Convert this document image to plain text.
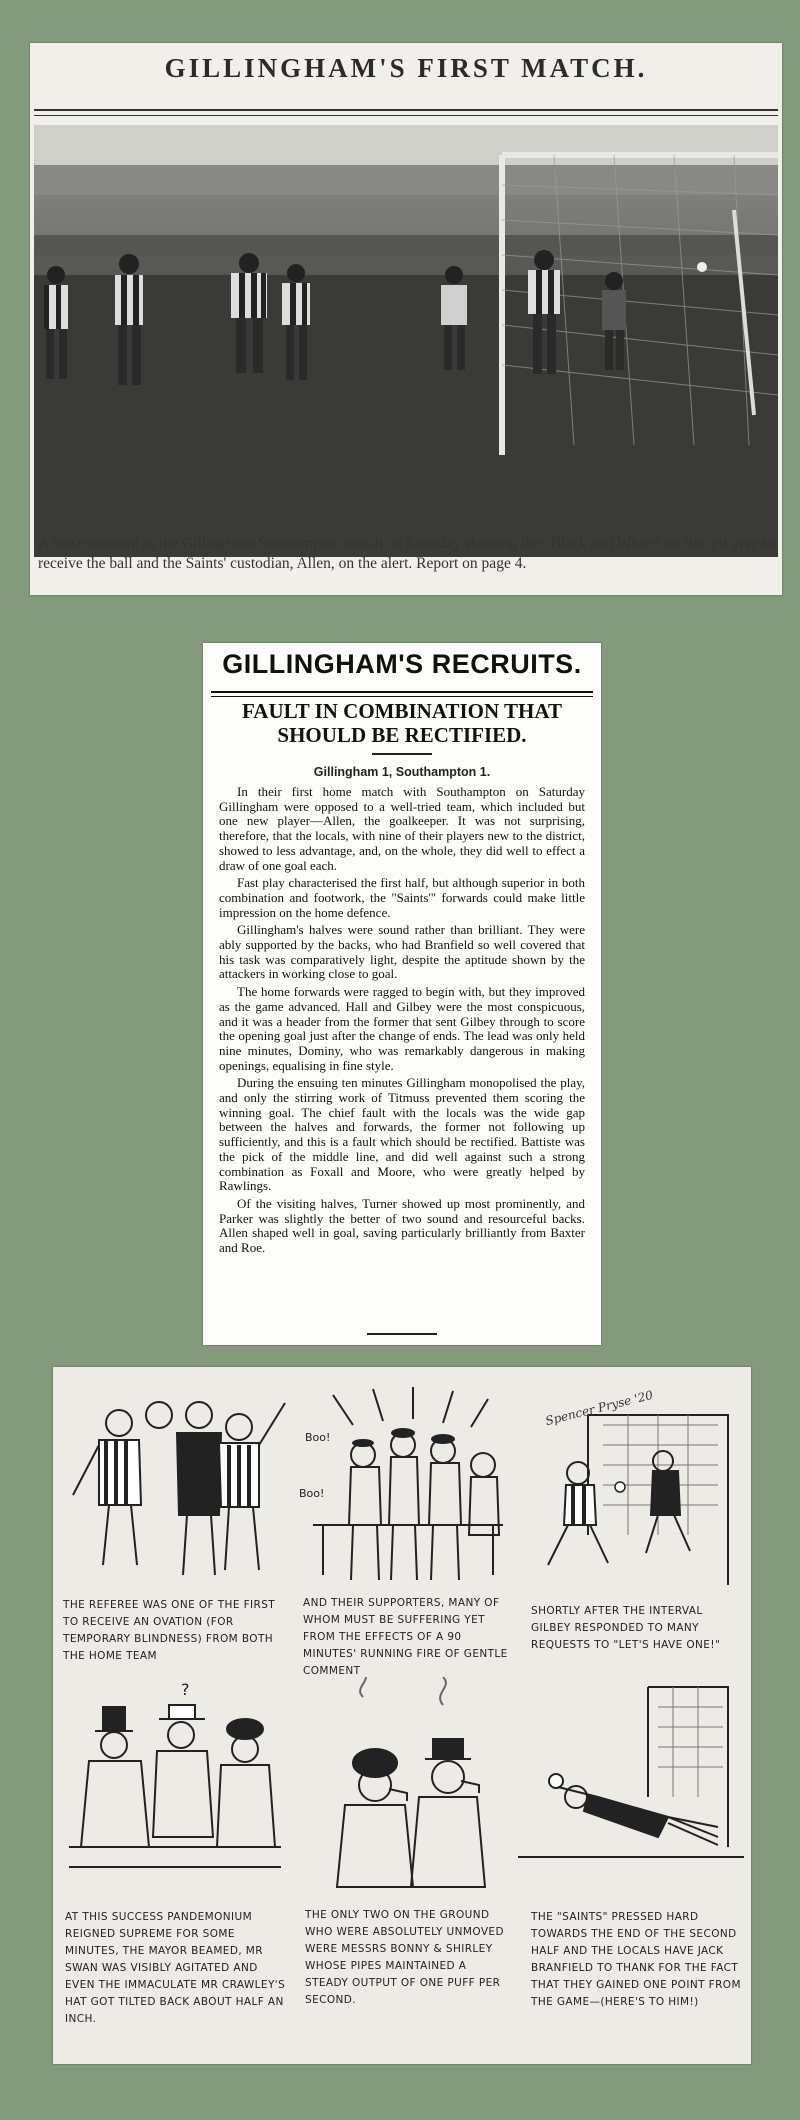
GILLINGHAM'S FIRST MATCH.
A tense moment in the Gillingham-Southampton match on Saturday showing the "Black and White" on the qui vive to receive the ball and the Saints' custodian, Allen, on the alert. Report on page 4.
GILLINGHAM'S RECRUITS.
FAULT IN COMBINATION THAT SHOULD BE RECTIFIED.
Gillingham 1, Southampton 1.

In their first home match with Southampton on Saturday Gillingham were opposed to a well-tried team, which included but one new player—Allen, the goalkeeper. It was not surprising, therefore, that the locals, with nine of their players new to the district, showed to less advantage, and, on the whole, they did well to effect a draw of one goal each.

Fast play characterised the first half, but although superior in both combination and footwork, the "Saints'" forwards could make little impression on the home defence.

Gillingham's halves were sound rather than brilliant. They were ably supported by the backs, who had Branfield so well covered that his task was comparatively light, despite the aptitude shown by the attackers in working close to goal.

The home forwards were ragged to begin with, but they improved as the game advanced. Hall and Gilbey were the most conspicuous, and it was a header from the former that sent Gilbey through to score the opening goal just after the change of ends. The lead was only held nine minutes, Dominy, who was remarkably dangerous in making openings, equalising in fine style.

During the ensuing ten minutes Gillingham monopolised the play, and only the stirring work of Titmuss prevented them scoring the winning goal. The chief fault with the locals was the wide gap between the halves and forwards, the former not following up sufficiently, and this is a fault which should be rectified. Battiste was the pick of the middle line, and did well against such a strong combination as Foxall and Moore, who were greatly helped by Rawlings.

Of the visiting halves, Turner showed up most prominently, and Parker was slightly the better of two sound and resourceful backs. Allen shaped well in goal, saving particularly brilliantly from Baxter and Roe.

THE REFEREE WAS ONE OF THE FIRST TO RECEIVE AN OVATION (FOR TEMPORARY BLINDNESS) FROM BOTH THE HOME TEAM
Boo!
Boo!
AND THEIR SUPPORTERS, MANY OF WHOM MUST BE SUFFERING YET FROM THE EFFECTS OF A 90 MINUTES' RUNNING FIRE OF GENTLE COMMENT
Spencer Pryse '20
SHORTLY AFTER THE INTERVAL GILBEY RESPONDED TO MANY REQUESTS TO "LET'S HAVE ONE!"
?
AT THIS SUCCESS PANDEMONIUM REIGNED SUPREME FOR SOME MINUTES, THE MAYOR BEAMED, MR SWAN WAS VISIBLY AGITATED AND EVEN THE IMMACULATE MR CRAWLEY'S HAT GOT TILTED BACK ABOUT HALF AN INCH.
THE ONLY TWO ON THE GROUND WHO WERE ABSOLUTELY UNMOVED WERE MESSRS BONNY & SHIRLEY WHOSE PIPES MAINTAINED A STEADY OUTPUT OF ONE PUFF PER SECOND.
THE "SAINTS" PRESSED HARD TOWARDS THE END OF THE SECOND HALF AND THE LOCALS HAVE JACK BRANFIELD TO THANK FOR THE FACT THAT THEY GAINED ONE POINT FROM THE GAME—(HERE'S TO HIM!)
